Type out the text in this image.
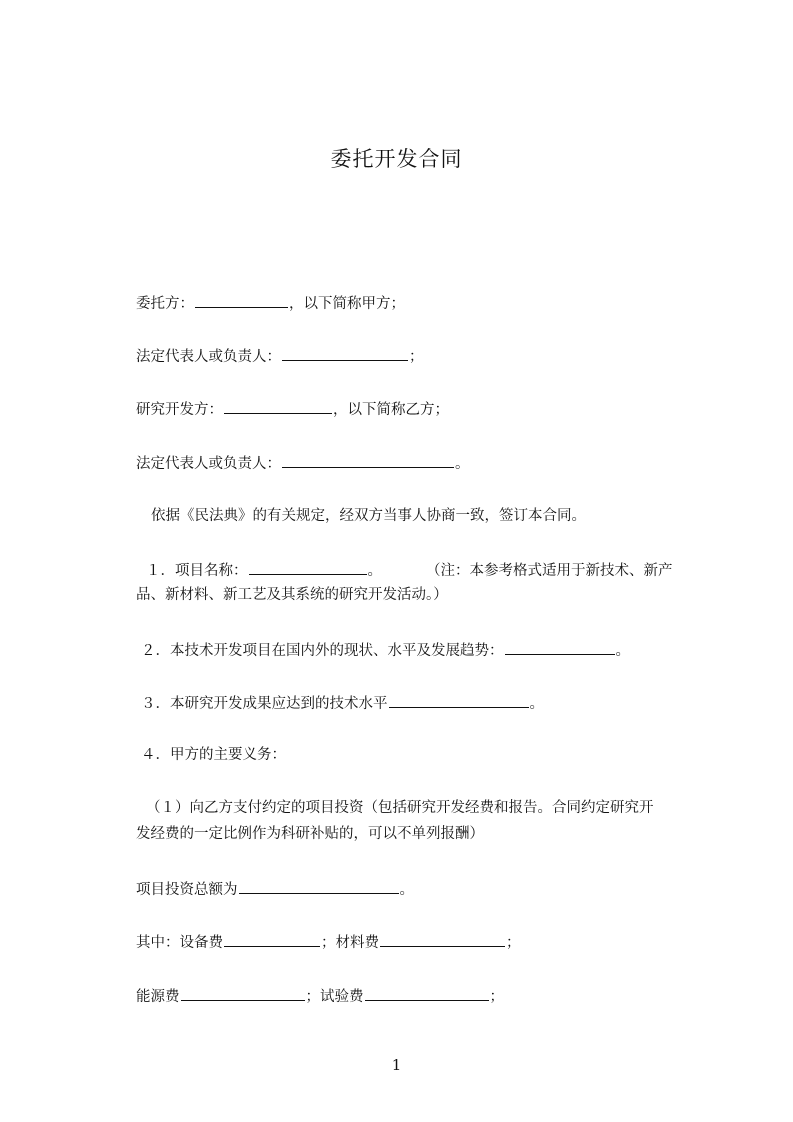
委托开发合同

委托方：	，以下简称甲方；

法定代表人或负责人：	；

研究开发方：	，以下简称乙方；

法定代表人或负责人：	。

依据《民法典》的有关规定，经双方当事人协商一致，签订本合同。

１．项目名称：	。	（注：本参考格式适用于新技术、新产

品、新材料、新工艺及其系统的研究开发活动。）

２．本技术开发项目在国内外的现状、水平及发展趋势：	。

３．本研究开发成果应达到的技术水平	。

４．甲方的主要义务：

（１）向乙方支付约定的项目投资（包括研究开发经费和报告。合同约定研究开

发经费的一定比例作为科研补贴的，可以不单列报酬）

项目投资总额为	。

其中：设备费	；材料费	；

能源费	；试验费	；

1
